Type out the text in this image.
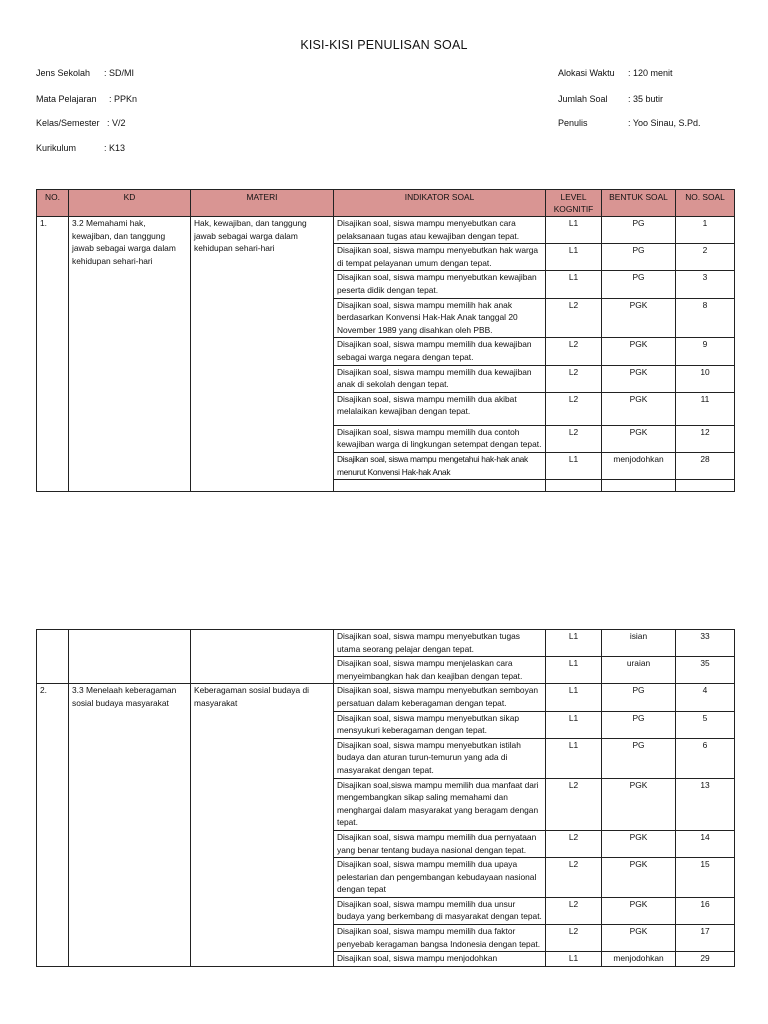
KISI-KISI PENULISAN SOAL
Jens Sekolah : SD/MI
Mata Pelajaran : PPKn
Kelas/Semester : V/2
Kurikulum	: K13
Alokasi Waktu : 120 menit
Jumlah Soal : 35 butir
Penulis	: Yoo Sinau, S.Pd.
NO.	KD	MATERI	INDIKATOR SOAL	LEVEL KOGNITIF	BENTUK SOAL	NO. SOAL
1.	3.2 Memahami hak, kewajiban, dan tanggung jawab sebagai warga dalam kehidupan sehari-hari	Hak, kewajiban, dan tanggung jawab sebagai warga dalam kehidupan sehari-hari	Disajikan soal, siswa mampu menyebutkan cara pelaksanaan tugas atau kewajiban dengan tepat.	L1	PG	1
			Disajikan soal, siswa mampu menyebutkan hak warga di tempat pelayanan umum dengan tepat.	L1	PG	2
			Disajikan soal, siswa mampu menyebutkan kewajiban peserta didik dengan tepat.	L1	PG	3
			Disajikan soal, siswa mampu memilih hak anak berdasarkan Konvensi Hak-Hak Anak tanggal 20 November 1989 yang disahkan oleh PBB.	L2	PGK	8
			Disajikan soal, siswa mampu memilih dua kewajiban sebagai warga negara dengan tepat.	L2	PGK	9
			Disajikan soal, siswa mampu memilih dua kewajiban anak di sekolah dengan tepat.	L2	PGK	10
			Disajikan soal, siswa mampu memilih dua akibat melalaikan kewajiban dengan tepat.	L2	PGK	11
			Disajikan soal, siswa mampu memilih dua contoh kewajiban warga di lingkungan setempat dengan tepat.	L2	PGK	12
			Disajikan soal, siswa mampu mengetahui hak-hak anak menurut Konvensi Hak-hak Anak	L1	menjodohkan	28

			Disajikan soal, siswa mampu menyebutkan tugas utama seorang pelajar dengan tepat.	L1	isian	33
			Disajikan soal, siswa mampu menjelaskan cara menyeimbangkan hak dan keajiban dengan tepat.	L1	uraian	35
2.	3.3 Menelaah keberagaman sosial budaya masyarakat	Keberagaman sosial budaya di masyarakat	Disajikan soal, siswa mampu menyebutkan semboyan persatuan dalam keberagaman dengan tepat.	L1	PG	4
			Disajikan soal, siswa mampu menyebutkan sikap mensyukuri keberagaman dengan tepat.	L1	PG	5
			Disajikan soal, siswa mampu menyebutkan istilah budaya dan aturan turun-temurun yang ada di masyarakat dengan tepat.	L1	PG	6
			Disajikan soal,siswa mampu memilih dua manfaat dari mengembangkan sikap saling memahami dan menghargai dalam masyarakat yang beragam dengan tepat.	L2	PGK	13
			Disajikan soal, siswa mampu memilih dua pernyataan yang benar tentang budaya nasional dengan tepat.	L2	PGK	14
			Disajikan soal, siswa mampu memilih dua upaya pelestarian dan pengembangan kebudayaan nasional dengan tepat	L2	PGK	15
			Disajikan soal, siswa mampu memilih dua unsur budaya yang berkembang di masyarakat dengan tepat.	L2	PGK	16
			Disajikan soal, siswa mampu memilih dua faktor penyebab keragaman bangsa Indonesia dengan tepat.	L2	PGK	17
			Disajikan soal, siswa mampu menjodohkan	L1	menjodohkan	29
